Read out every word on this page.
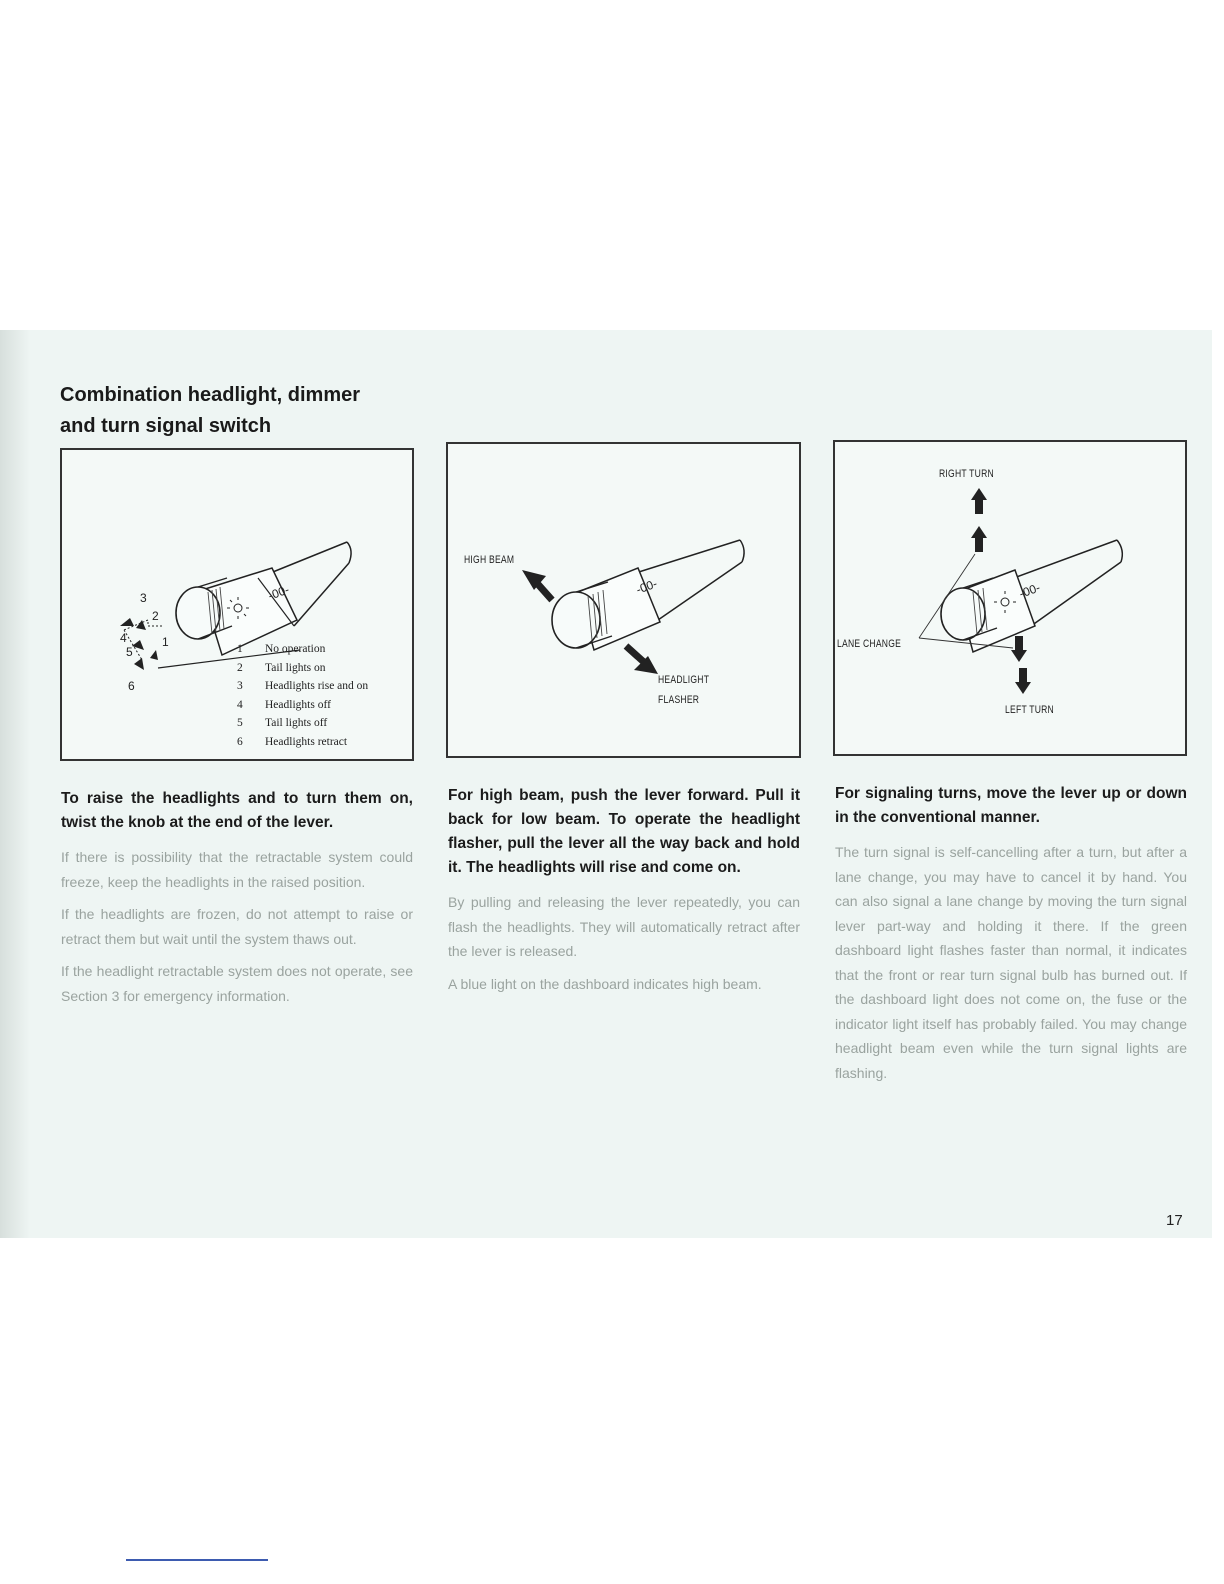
Combination headlight, dimmer and turn signal switch
-00-
3
2
4
5
1
6
1 No operation
2 Tail lights on
3 Headlights rise and on
4 Headlights off
5 Tail lights off
6 Headlights retract
-00-
HIGH BEAM
HEADLIGHT
FLASHER
-00-
RIGHT TURN
LANE CHANGE
LEFT TURN

To raise the headlights and to turn them on, twist the knob at the end of the lever.

If there is possibility that the retractable system could freeze, keep the headlights in the raised position.

If the headlights are frozen, do not attempt to raise or retract them but wait until the system thaws out.

If the headlight retractable system does not operate, see Section 3 for emergency information.

For high beam, push the lever forward. Pull it back for low beam. To operate the headlight flasher, pull the lever all the way back and hold it. The headlights will rise and come on.

By pulling and releasing the lever repeatedly, you can flash the headlights. They will automatically retract after the lever is released.

A blue light on the dashboard indicates high beam.

For signaling turns, move the lever up or down in the conventional manner.

The turn signal is self-cancelling after a turn, but after a lane change, you may have to cancel it by hand. You can also signal a lane change by moving the turn signal lever part-way and holding it there. If the green dashboard light flashes faster than normal, it indicates that the front or rear turn signal bulb has burned out. If the dashboard light does not come on, the fuse or the indicator light itself has probably failed. You may change headlight beam even while the turn signal lights are flashing.

17
